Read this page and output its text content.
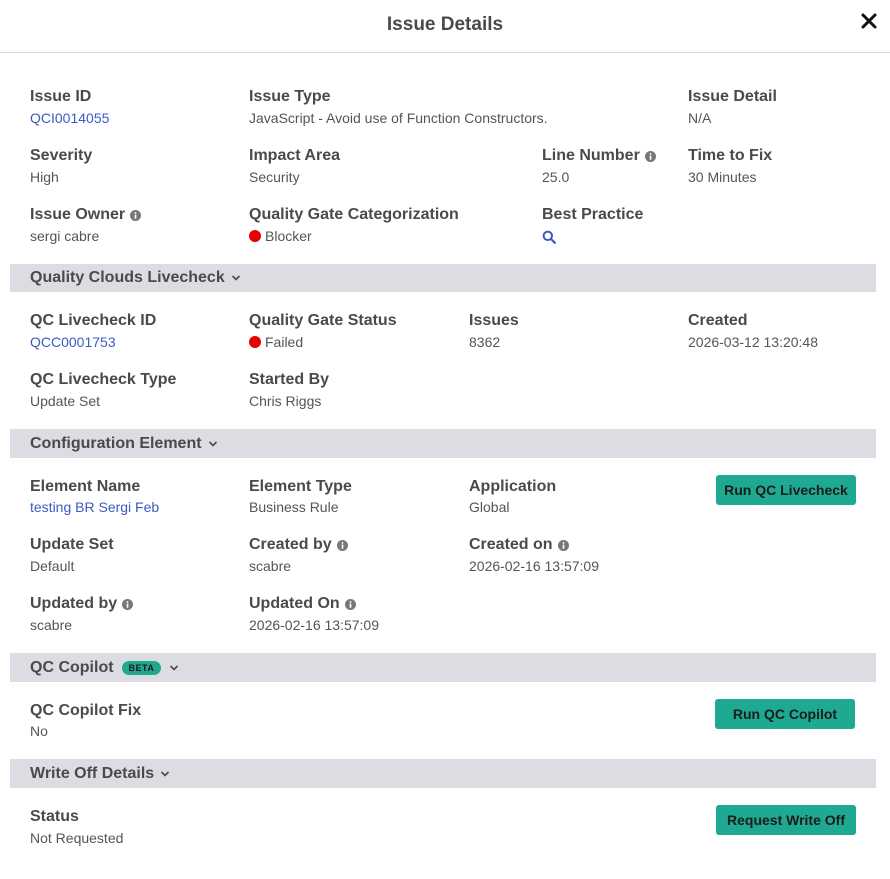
Issue Details
Issue ID
QCI0014055
Issue Type
JavaScript - Avoid use of Function Constructors.
Issue Detail
N/A
Severity
High
Impact Area
Security
Line Number
25.0
Time to Fix
30 Minutes
Issue Owner
sergi cabre
Quality Gate Categorization
Blocker
Best Practice
Quality Clouds Livecheck
QC Livecheck ID
QCC0001753
Quality Gate Status
Failed
Issues
8362
Created
2026-03-12 13:20:48
QC Livecheck Type
Update Set
Started By
Chris Riggs
Configuration Element
Element Name
testing BR Sergi Feb
Element Type
Business Rule
Application
Global
Run QC Livecheck
Update Set
Default
Created by
scabre
Created on
2026-02-16 13:57:09
Updated by
scabre
Updated On
2026-02-16 13:57:09
QC Copilot	BETA
QC Copilot Fix
No
Run QC Copilot
Write Off Details
Status
Not Requested
Request Write Off
